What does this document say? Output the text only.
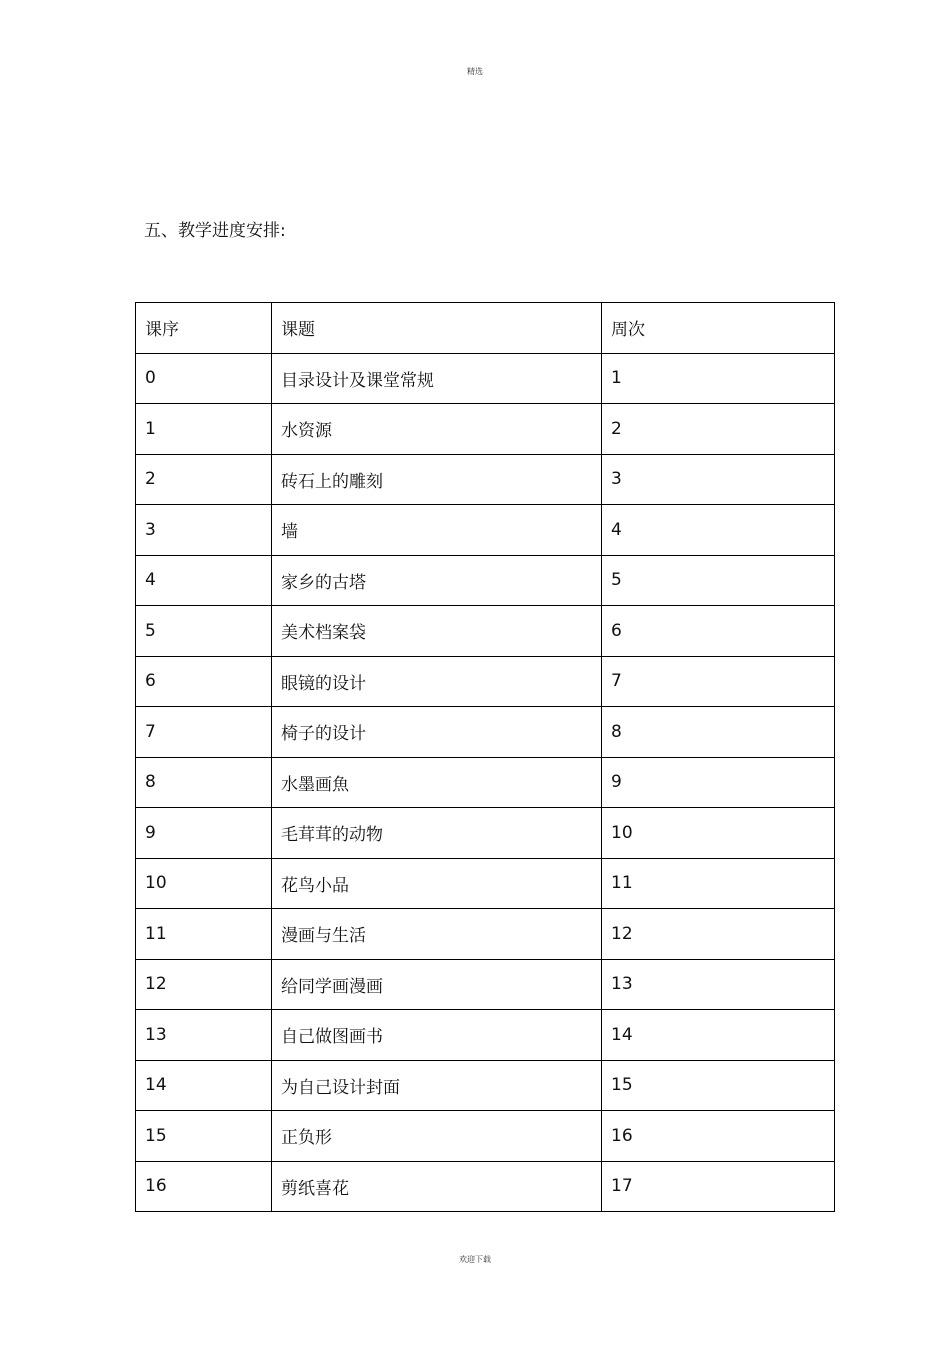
精选
五、教学进度安排:
课序	课题	周次
0	目录设计及课堂常规	1
1	水资源	2
2	砖石上的雕刻	3
3	墙	4
4	家乡的古塔	5
5	美术档案袋	6
6	眼镜的设计	7
7	椅子的设计	8
8	水墨画魚	9
9	毛茸茸的动物	10
10	花鸟小品	11
11	漫画与生活	12
12	给同学画漫画	13
13	自己做图画书	14
14	为自己设计封面	15
15	正负形	16
16	剪纸喜花	17
欢迎下载
